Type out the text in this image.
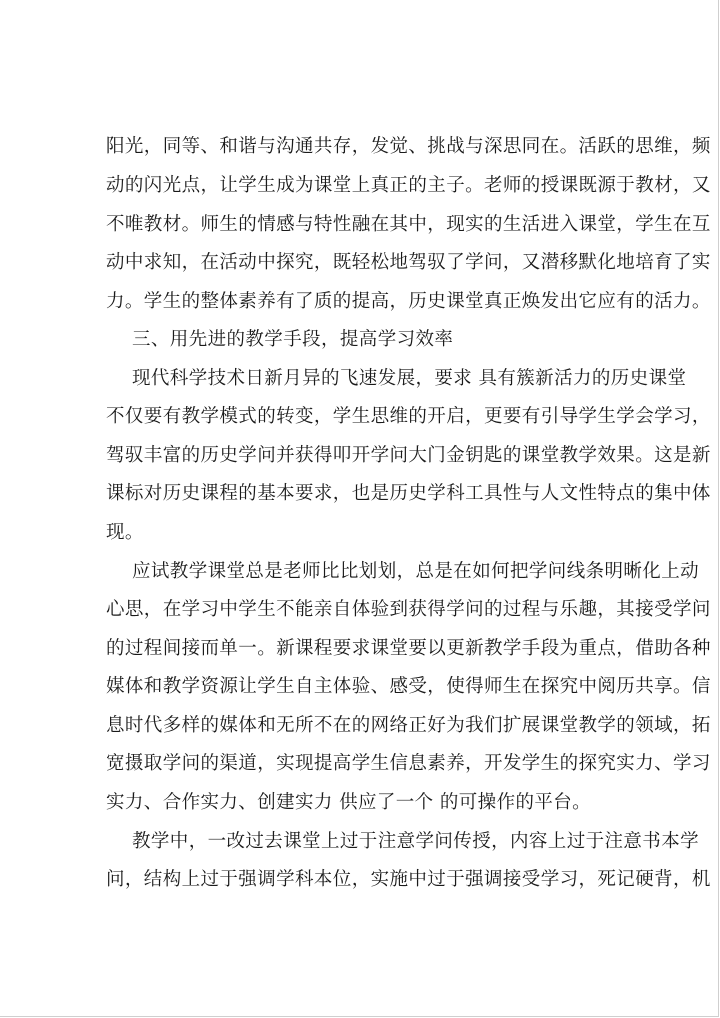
阳光，同等、和谐与沟通共存，发觉、挑战与深思同在。活跃的思维，频
动的闪光点，让学生成为课堂上真正的主子。老师的授课既源于教材，又
不唯教材。师生的情感与特性融在其中，现实的生活进入课堂，学生在互
动中求知，在活动中探究，既轻松地驾驭了学问，又潜移默化地培育了实
力。学生的整体素养有了质的提高，历史课堂真正焕发出它应有的活力。
三、用先进的教学手段，提高学习效率
现代科学技术日新月异的飞速发展，要求 具有簇新活力的历史课堂
不仅要有教学模式的转变，学生思维的开启，更要有引导学生学会学习，
驾驭丰富的历史学问并获得叩开学问大门金钥匙的课堂教学效果。这是新
课标对历史课程的基本要求，也是历史学科工具性与人文性特点的集中体
现。
应试教学课堂总是老师比比划划，总是在如何把学问线条明晰化上动
心思，在学习中学生不能亲自体验到获得学问的过程与乐趣，其接受学问
的过程间接而单一。新课程要求课堂要以更新教学手段为重点，借助各种
媒体和教学资源让学生自主体验、感受，使得师生在探究中阅历共享。信
息时代多样的媒体和无所不在的网络正好为我们扩展课堂教学的领域，拓
宽摄取学问的渠道，实现提高学生信息素养，开发学生的探究实力、学习
实力、合作实力、创建实力 供应了一个 的可操作的平台。
教学中，一改过去课堂上过于注意学问传授，内容上过于注意书本学
问，结构上过于强调学科本位，实施中过于强调接受学习，死记硬背，机
